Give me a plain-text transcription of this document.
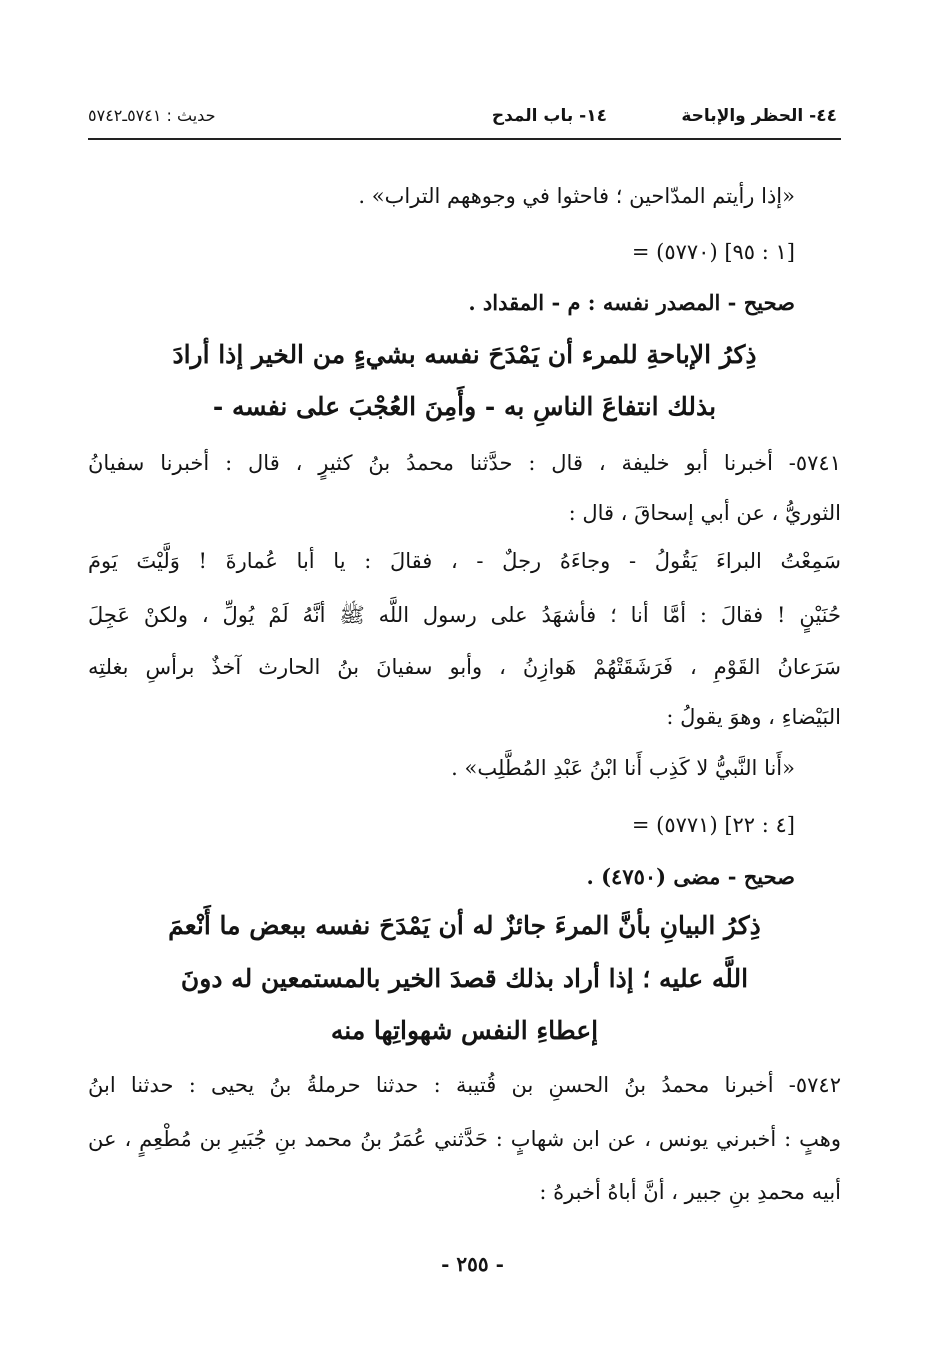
٤٤- الحظر والإباحة
١٤- باب المدح
حديث : ٥٧٤١ـ٥٧٤٢
«إذا رأيتم المدّاحين ؛ فاحثوا في وجوههم التراب» .
= (٥٧٧٠) [١ : ٩٥]
صحيح - المصدر نفسه : م - المقداد .
ذِكرُ الإباحةِ للمرء أن يَمْدَحَ نفسه بشيءٍ من الخير إذا أرادَ
بذلك انتفاعَ الناسِ به - وأَمِنَ العُجْبَ على نفسه -
٥٧٤١- أخبرنا أبو خليفة ، قال : حدَّثنا محمدُ بنُ كثيرٍ ، قال : أخبرنا سفيانُ
الثوريُّ ، عن أبي إسحاقَ ، قال :
سَمِعْتُ البراءَ يَقُولُ - وجاءَهُ رجلٌ - ، فقالَ : يا أبا عُمارةَ ! وَلَّيْتَ يَومَ
حُنَيْنٍ ! فقالَ : أمَّا أنا ؛ فأشهَدُ على رسول اللَّه ﷺ أنَّهُ لَمْ يُولِّ ، ولكنْ عَجِلَ
سَرَعانُ القَوْمِ ، فَرَشَقَتْهُمْ هَوازِنُ ، وأبو سفيانَ بنُ الحارث آخذٌ برأسِ بغلتِه
البَيْضاءِ ، وهوَ يقولُ :
«أَنا النَّبيُّ لا كَذِب أَنا ابْنُ عَبْدِ المُطَّلِب» .
= (٥٧٧١) [٤ : ٢٢]
صحيح - مضى (٤٧٥٠) .
ذِكرُ البيانِ بأنَّ المرءَ جائزٌ له أن يَمْدَحَ نفسه ببعض ما أَنْعمَ
اللَّه عليه ؛ إذا أراد بذلك قصدَ الخير بالمستمعين له دونَ
إعطاءِ النفس شهواتِها منه
٥٧٤٢- أخبرنا محمدُ بنُ الحسنِ بن قُتيبة : حدثنا حرملةُ بنُ يحيى : حدثنا ابنُ
وهبٍ : أخبرني يونس ، عن ابن شهابٍ : حَدَّثني عُمَرُ بنُ محمد بنِ جُبَيرِ بن مُطْعِمٍ ، عن
أبيه محمدِ بنِ جبير ، أنَّ أباهُ أخبرهُ :
- ٢٥٥ -
